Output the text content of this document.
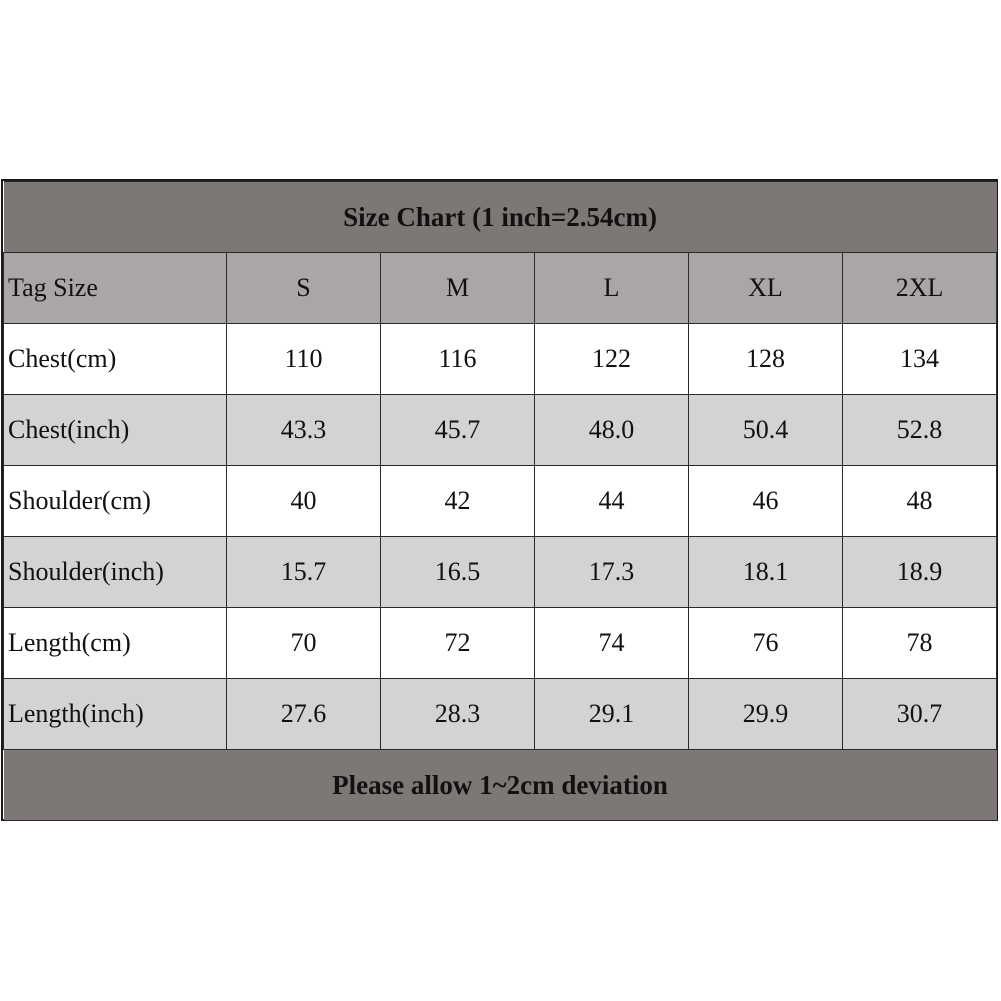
Size Chart (1 inch=2.54cm)					
Tag Size	S	M	L	XL	2XL
Chest(cm)	110	116	122	128	134
Chest(inch)	43.3	45.7	48.0	50.4	52.8
Shoulder(cm)	40	42	44	46	48
Shoulder(inch)	15.7	16.5	17.3	18.1	18.9
Length(cm)	70	72	74	76	78
Length(inch)	27.6	28.3	29.1	29.9	30.7
Please allow 1~2cm deviation					
